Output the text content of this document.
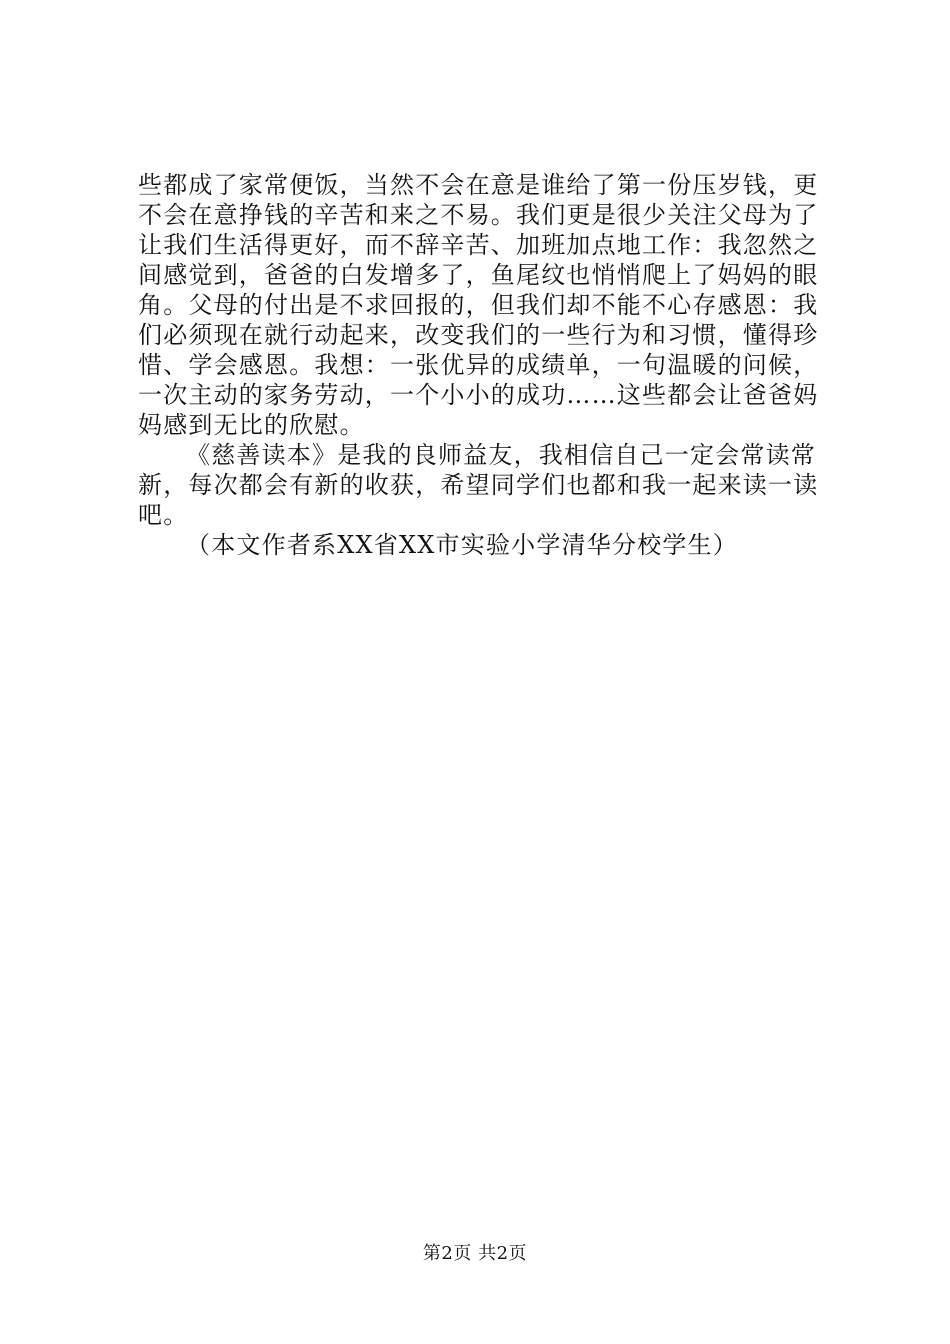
些都成了家常便饭，当然不会在意是谁给了第一份压岁钱，更
不会在意挣钱的辛苦和来之不易。我们更是很少关注父母为了
让我们生活得更好，而不辞辛苦、加班加点地工作：我忽然之
间感觉到，爸爸的白发增多了，鱼尾纹也悄悄爬上了妈妈的眼
角。父母的付出是不求回报的，但我们却不能不心存感恩：我
们必须现在就行动起来，改变我们的一些行为和习惯，懂得珍
惜、学会感恩。我想：一张优异的成绩单，一句温暖的问候，
一次主动的家务劳动，一个小小的成功……这些都会让爸爸妈
妈感到无比的欣慰。
《慈善读本》是我的良师益友，我相信自己一定会常读常
新，每次都会有新的收获，希望同学们也都和我一起来读一读
吧。
（本文作者系XX省XX市实验小学清华分校学生）
第2页 共2页
